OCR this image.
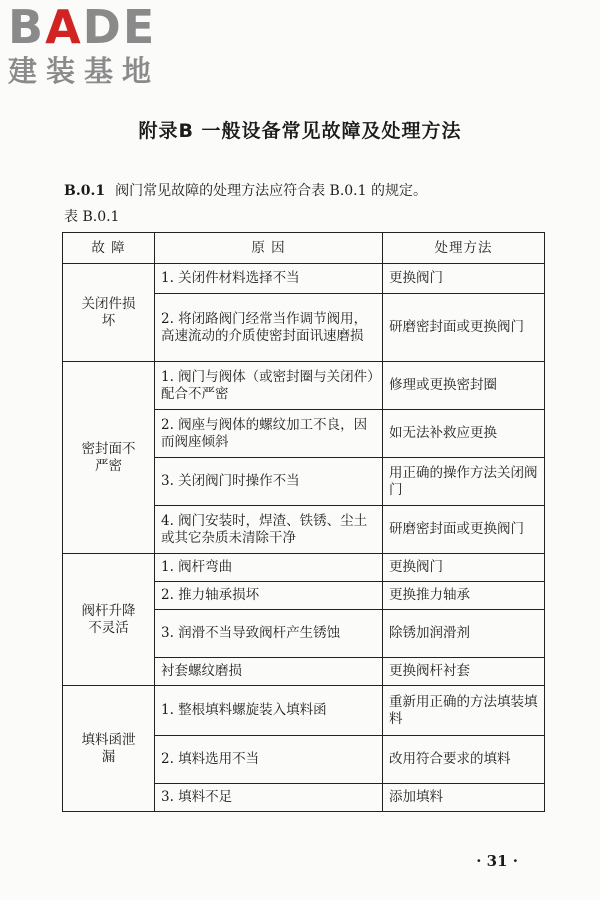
B A D E
建装基地
附录B 一般设备常见故障及处理方法
B.0.1 阀门常见故障的处理方法应符合表 B.0.1 的规定。
表 B.0.1
故 障	原 因	处理方法
关闭件损坏	1. 关闭件材料选择不当	更换阀门
	2. 将闭路阀门经常当作调节阀用，高速流动的介质使密封面讯速磨损	研磨密封面或更换阀门
密封面不严密	1. 阀门与阀体（或密封圈与关闭件）配合不严密	修理或更换密封圈
	2. 阀座与阀体的螺纹加工不良，因而阀座倾斜	如无法补救应更换
	3. 关闭阀门时操作不当	用正确的操作方法关闭阀门
	4. 阀门安装时，焊渣、铁锈、尘土或其它杂质未清除干净	研磨密封面或更换阀门
阀杆升降不灵活	1. 阀杆弯曲	更换阀门
	2. 推力轴承损坏	更换推力轴承
	3. 润滑不当导致阀杆产生锈蚀	除锈加润滑剂
	衬套螺纹磨损	更换阀杆衬套
填料函泄漏	1. 整根填料螺旋装入填料函	重新用正确的方法填装填料
	2. 填料选用不当	改用符合要求的填料
	3. 填料不足	添加填料
· 31 ·
